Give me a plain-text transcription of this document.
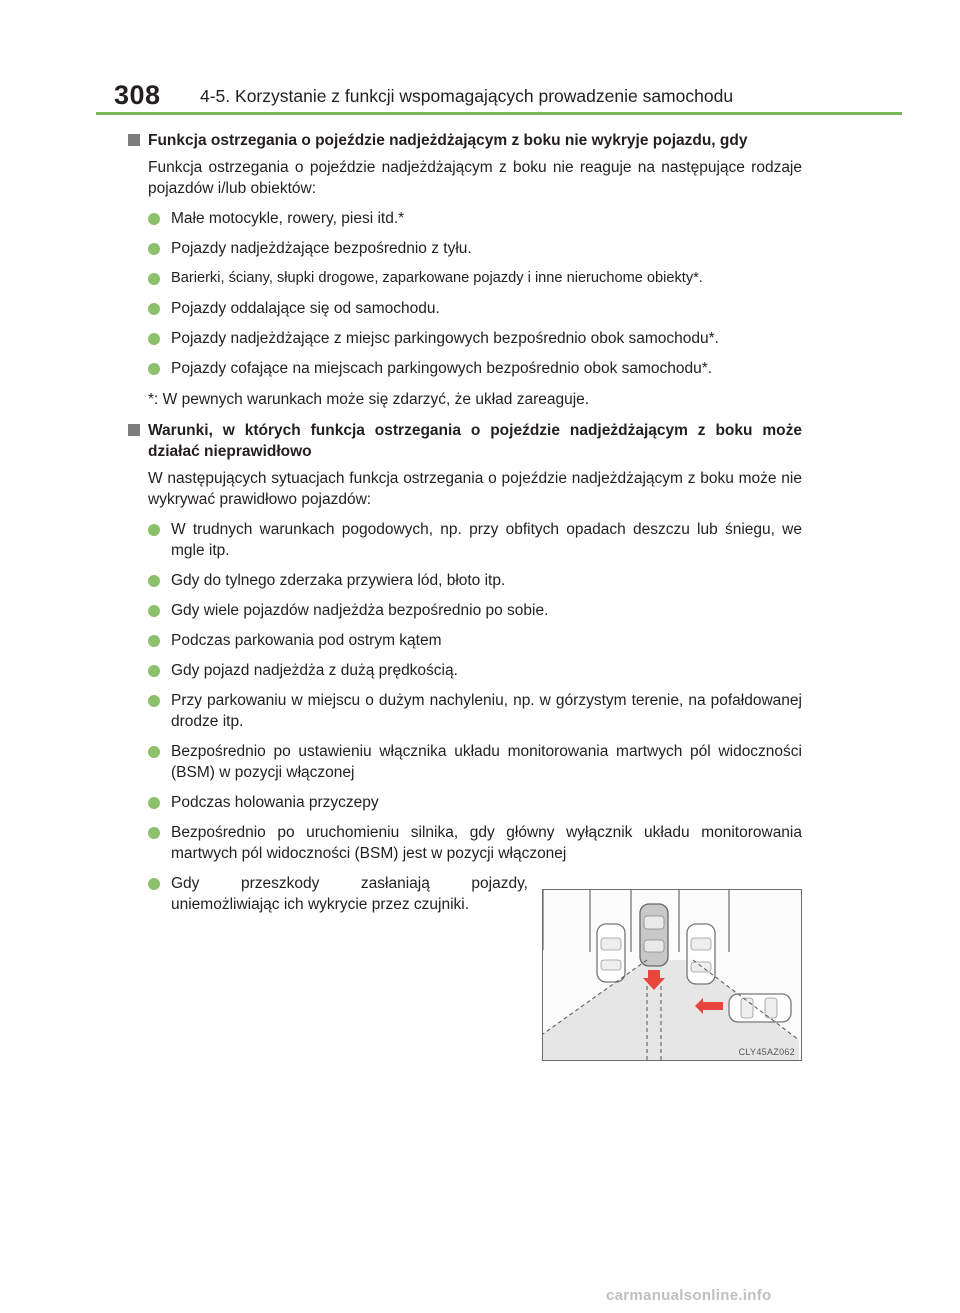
308 4-5. Korzystanie z funkcji wspomagających prowadzenie samochodu
Funkcja ostrzegania o pojeździe nadjeżdżającym z boku nie wykryje pojazdu, gdy
Funkcja ostrzegania o pojeździe nadjeżdżającym z boku nie reaguje na następujące rodzaje pojazdów i/lub obiektów:
Małe motocykle, rowery, piesi itd.*
Pojazdy nadjeżdżające bezpośrednio z tyłu.
Barierki, ściany, słupki drogowe, zaparkowane pojazdy i inne nieruchome obiekty*.
Pojazdy oddalające się od samochodu.
Pojazdy nadjeżdżające z miejsc parkingowych bezpośrednio obok samochodu*.
Pojazdy cofające na miejscach parkingowych bezpośrednio obok samochodu*.
*: W pewnych warunkach może się zdarzyć, że układ zareaguje.
Warunki, w których funkcja ostrzegania o pojeździe nadjeżdżającym z boku może działać nieprawidłowo
W następujących sytuacjach funkcja ostrzegania o pojeździe nadjeżdżającym z boku może nie wykrywać prawidłowo pojazdów:
W trudnych warunkach pogodowych, np. przy obfitych opadach deszczu lub śniegu, we mgle itp.
Gdy do tylnego zderzaka przywiera lód, błoto itp.
Gdy wiele pojazdów nadjeżdża bezpośrednio po sobie.
Podczas parkowania pod ostrym kątem
Gdy pojazd nadjeżdża z dużą prędkością.
Przy parkowaniu w miejscu o dużym nachyleniu, np. w górzystym terenie, na pofałdowanej drodze itp.
Bezpośrednio po ustawieniu włącznika układu monitorowania martwych pól widoczności (BSM) w pozycji włączonej
Podczas holowania przyczepy
Bezpośrednio po uruchomieniu silnika, gdy główny wyłącznik układu monitorowania martwych pól widoczności (BSM) jest w pozycji włączonej
Gdy przeszkody zasłaniają pojazdy, uniemożliwiając ich wykrycie przez czujniki.
CLY45AZ062
carmanualsonline.info
